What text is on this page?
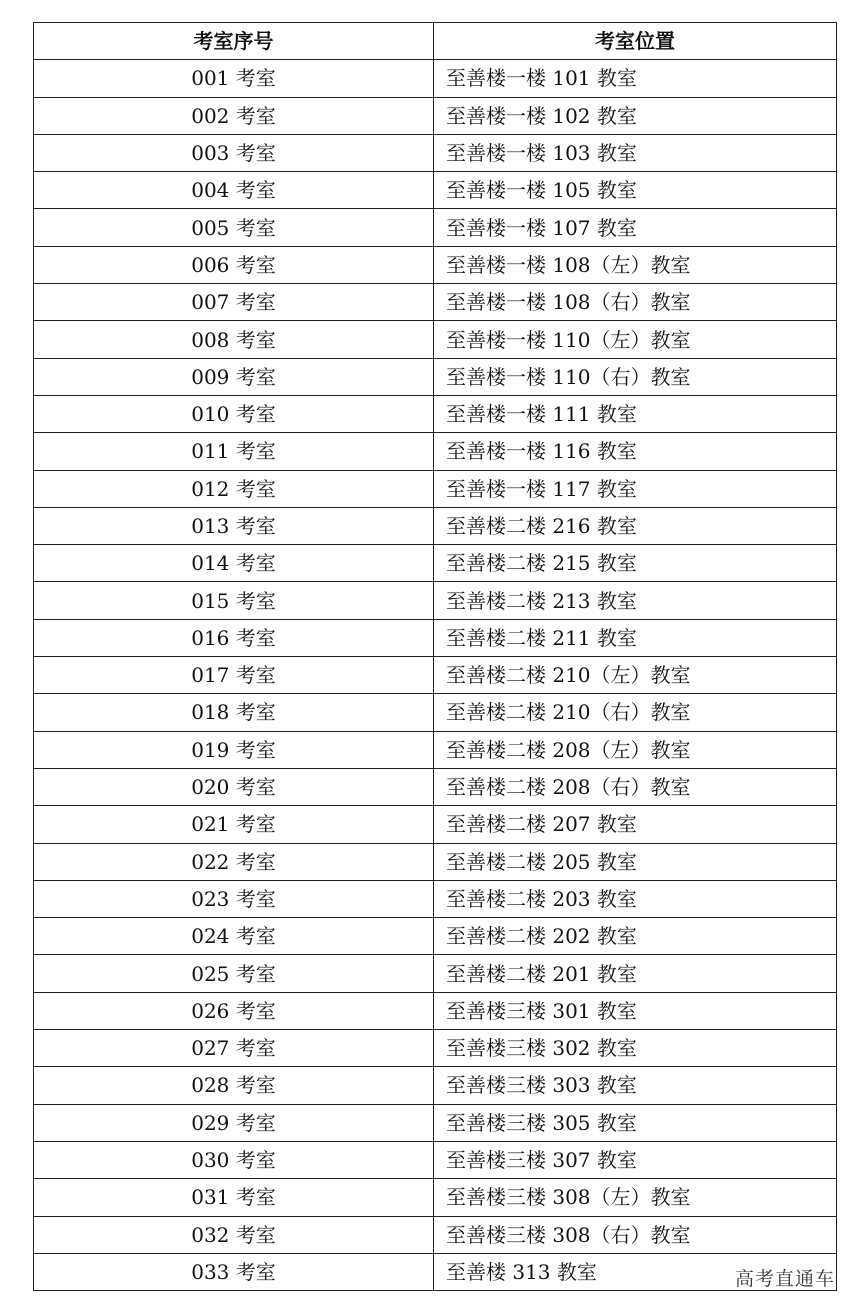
考室序号	考室位置
001 考室	至善楼一楼 101 教室
002 考室	至善楼一楼 102 教室
003 考室	至善楼一楼 103 教室
004 考室	至善楼一楼 105 教室
005 考室	至善楼一楼 107 教室
006 考室	至善楼一楼 108（左）教室
007 考室	至善楼一楼 108（右）教室
008 考室	至善楼一楼 110（左）教室
009 考室	至善楼一楼 110（右）教室
010 考室	至善楼一楼 111 教室
011 考室	至善楼一楼 116 教室
012 考室	至善楼一楼 117 教室
013 考室	至善楼二楼 216 教室
014 考室	至善楼二楼 215 教室
015 考室	至善楼二楼 213 教室
016 考室	至善楼二楼 211 教室
017 考室	至善楼二楼 210（左）教室
018 考室	至善楼二楼 210（右）教室
019 考室	至善楼二楼 208（左）教室
020 考室	至善楼二楼 208（右）教室
021 考室	至善楼二楼 207 教室
022 考室	至善楼二楼 205 教室
023 考室	至善楼二楼 203 教室
024 考室	至善楼二楼 202 教室
025 考室	至善楼二楼 201 教室
026 考室	至善楼三楼 301 教室
027 考室	至善楼三楼 302 教室
028 考室	至善楼三楼 303 教室
029 考室	至善楼三楼 305 教室
030 考室	至善楼三楼 307 教室
031 考室	至善楼三楼 308（左）教室
032 考室	至善楼三楼 308（右）教室
033 考室	至善楼 313 教室	高考直通车
